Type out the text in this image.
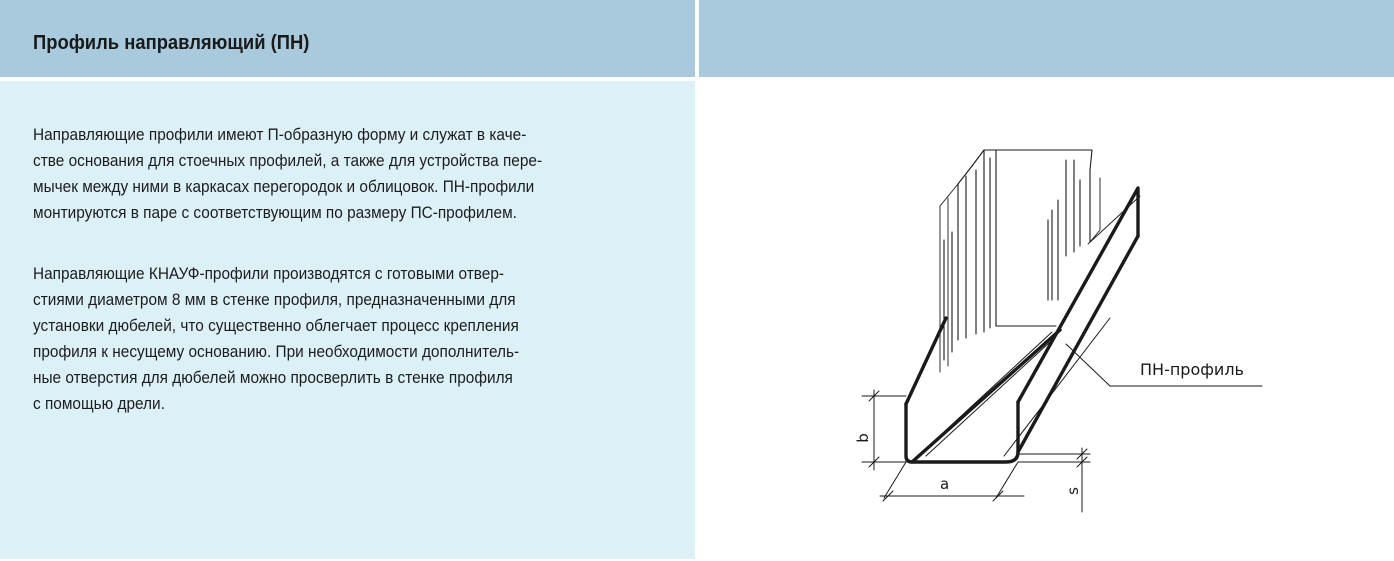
Профиль направляющий (ПН)

Направляющие профили имеют П-образную форму и служат в каче-
стве основания для стоечных профилей, а также для устройства пере-
мычек между ними в каркасах перегородок и облицовок. ПН-профили
монтируются в паре с соответствующим по размеру ПС-профилем.

Направляющие КНАУФ-профили производятся с готовыми отвер-
стиями диаметром 8 мм в стенке профиля, предназначенными для
установки дюбелей, что существенно облегчает процесс крепления
профиля к несущему основанию. При необходимости дополнитель-
ные отверстия для дюбелей можно просверлить в стенке профиля
с помощью дрели.

ПН-профиль

a

b

s
